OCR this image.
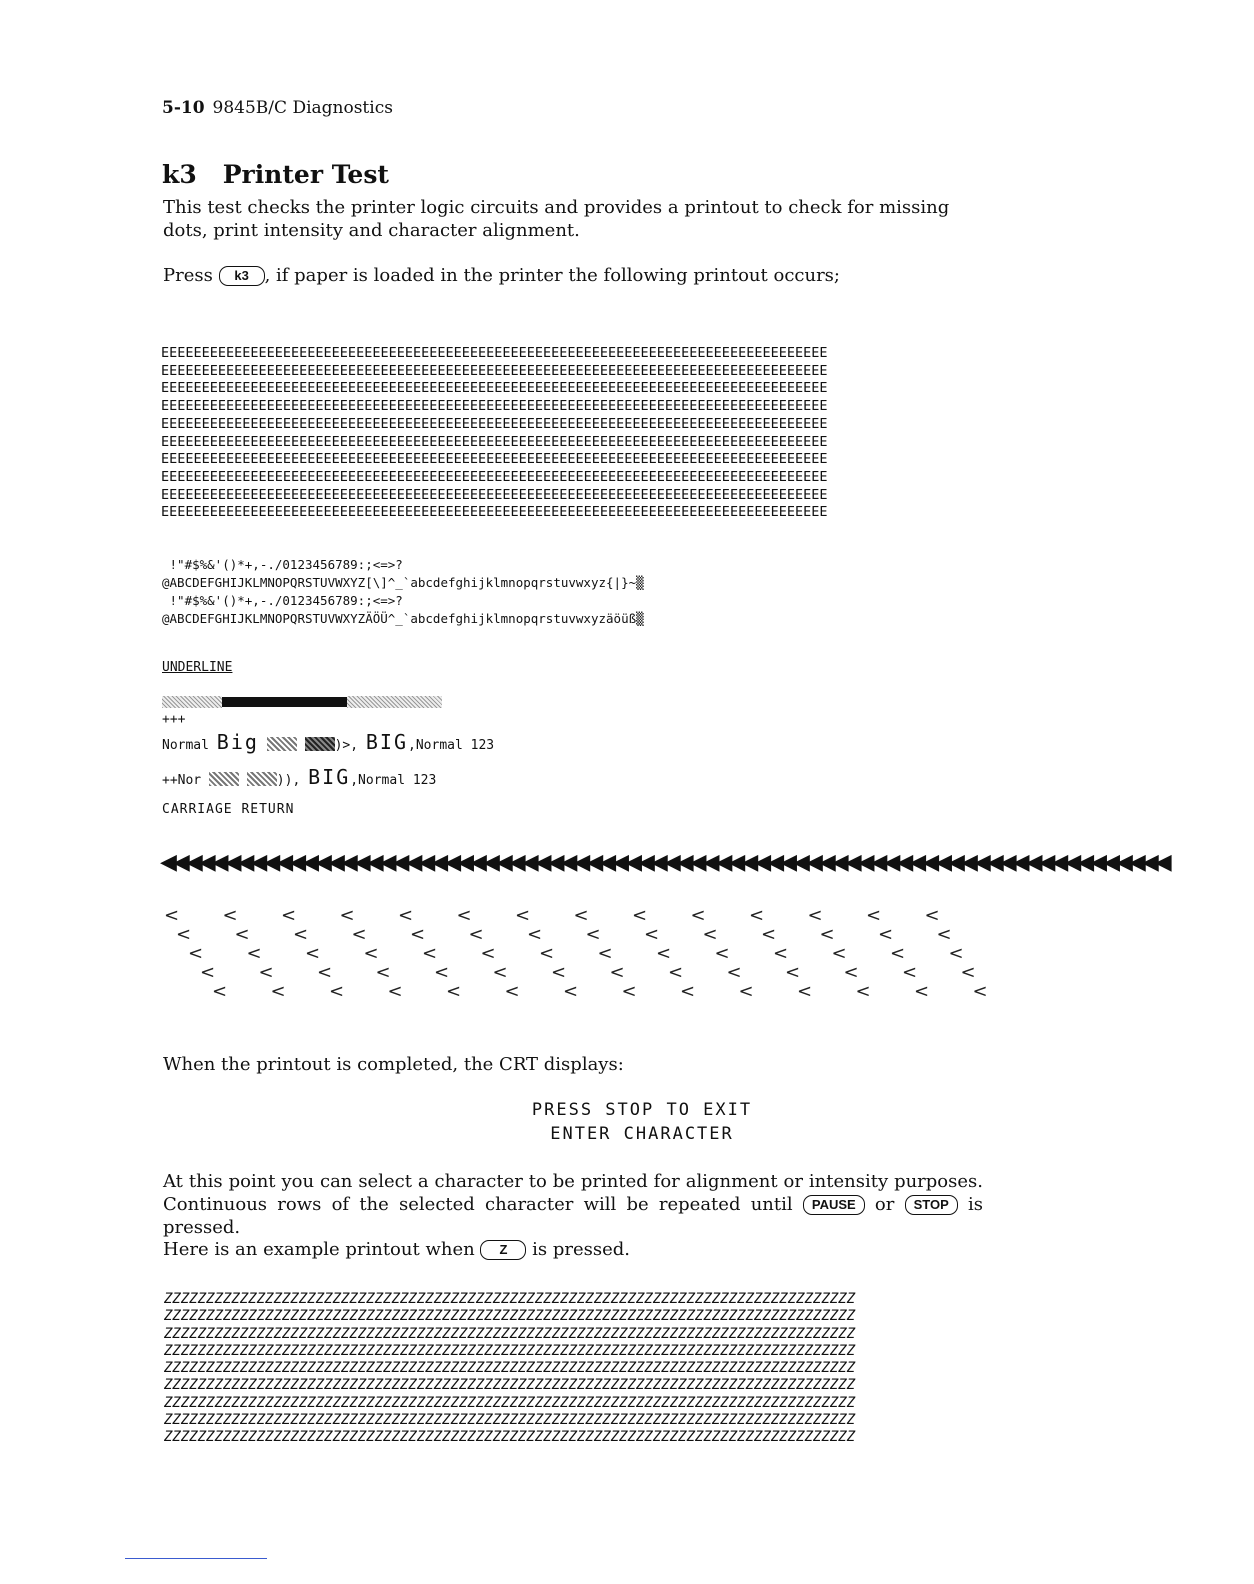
5-10 9845B/C Diagnostics
k3 Printer Test
This test checks the printer logic circuits and provides a printout to check for missing dots, print intensity and character alignment.
Press k3 , if paper is loaded in the printer the following printout occurs;
EEEEEEEEEEEEEEEEEEEEEEEEEEEEEEEEEEEEEEEEEEEEEEEEEEEEEEEEEEEEEEEEEEEEEEEEEEEEEEEEEE
EEEEEEEEEEEEEEEEEEEEEEEEEEEEEEEEEEEEEEEEEEEEEEEEEEEEEEEEEEEEEEEEEEEEEEEEEEEEEEEEEE
EEEEEEEEEEEEEEEEEEEEEEEEEEEEEEEEEEEEEEEEEEEEEEEEEEEEEEEEEEEEEEEEEEEEEEEEEEEEEEEEEE
EEEEEEEEEEEEEEEEEEEEEEEEEEEEEEEEEEEEEEEEEEEEEEEEEEEEEEEEEEEEEEEEEEEEEEEEEEEEEEEEEE
EEEEEEEEEEEEEEEEEEEEEEEEEEEEEEEEEEEEEEEEEEEEEEEEEEEEEEEEEEEEEEEEEEEEEEEEEEEEEEEEEE
EEEEEEEEEEEEEEEEEEEEEEEEEEEEEEEEEEEEEEEEEEEEEEEEEEEEEEEEEEEEEEEEEEEEEEEEEEEEEEEEEE
EEEEEEEEEEEEEEEEEEEEEEEEEEEEEEEEEEEEEEEEEEEEEEEEEEEEEEEEEEEEEEEEEEEEEEEEEEEEEEEEEE
EEEEEEEEEEEEEEEEEEEEEEEEEEEEEEEEEEEEEEEEEEEEEEEEEEEEEEEEEEEEEEEEEEEEEEEEEEEEEEEEEE
EEEEEEEEEEEEEEEEEEEEEEEEEEEEEEEEEEEEEEEEEEEEEEEEEEEEEEEEEEEEEEEEEEEEEEEEEEEEEEEEEE
EEEEEEEEEEEEEEEEEEEEEEEEEEEEEEEEEEEEEEEEEEEEEEEEEEEEEEEEEEEEEEEEEEEEEEEEEEEEEEEEEE
!"#$%&'()*+,-./0123456789:;<=>?
@ABCDEFGHIJKLMNOPQRSTUVWXYZ[\]^_`abcdefghijklmnopqrstuvwxyz{|}~▒
!"#$%&'()*+,-./0123456789:;<=>?
@ABCDEFGHIJKLMNOPQRSTUVWXYZÄÖÜ^_`abcdefghijklmnopqrstuvwxyzäöüß▒
UNDERLINE
+++
Normal Big	)>, BIG,Normal 123
++Nor	)), BIG,Normal 123
CARRIAGE RETURN
◀◀◀◀◀◀◀◀◀◀◀◀◀◀◀◀◀◀◀◀◀◀◀◀◀◀◀◀◀◀◀◀◀◀◀◀◀◀◀◀◀◀◀◀◀◀◀◀◀◀◀◀◀◀◀◀◀◀◀◀◀◀◀◀◀◀◀◀◀◀◀◀◀◀◀◀◀◀
<
<
<
<
<
<
<
<
<
<
<
<
<
<
<
<
<
<
<
<
<
<
<
<
<
<
<
<
<
<
<
<
<
<
<
<
<
<
<
<
<
<
<
<
<
<
<
<
<
<
<
<
<
<
<
<
<
<
<
<
<
<
<
<
<
<
<
<
<
<
When the printout is completed, the CRT displays:
PRESS STOP TO EXIT
ENTER CHARACTER
At this point you can select a character to be printed for alignment or intensity purposes. Continuous rows of the selected character will be repeated until PAUSE or STOP is pressed.
Here is an example printout when Z is pressed.
ZZZZZZZZZZZZZZZZZZZZZZZZZZZZZZZZZZZZZZZZZZZZZZZZZZZZZZZZZZZZZZZZZZZZZZZZZZZZZZZZZZ
ZZZZZZZZZZZZZZZZZZZZZZZZZZZZZZZZZZZZZZZZZZZZZZZZZZZZZZZZZZZZZZZZZZZZZZZZZZZZZZZZZZ
ZZZZZZZZZZZZZZZZZZZZZZZZZZZZZZZZZZZZZZZZZZZZZZZZZZZZZZZZZZZZZZZZZZZZZZZZZZZZZZZZZZ
ZZZZZZZZZZZZZZZZZZZZZZZZZZZZZZZZZZZZZZZZZZZZZZZZZZZZZZZZZZZZZZZZZZZZZZZZZZZZZZZZZZ
ZZZZZZZZZZZZZZZZZZZZZZZZZZZZZZZZZZZZZZZZZZZZZZZZZZZZZZZZZZZZZZZZZZZZZZZZZZZZZZZZZZ
ZZZZZZZZZZZZZZZZZZZZZZZZZZZZZZZZZZZZZZZZZZZZZZZZZZZZZZZZZZZZZZZZZZZZZZZZZZZZZZZZZZ
ZZZZZZZZZZZZZZZZZZZZZZZZZZZZZZZZZZZZZZZZZZZZZZZZZZZZZZZZZZZZZZZZZZZZZZZZZZZZZZZZZZ
ZZZZZZZZZZZZZZZZZZZZZZZZZZZZZZZZZZZZZZZZZZZZZZZZZZZZZZZZZZZZZZZZZZZZZZZZZZZZZZZZZZ
ZZZZZZZZZZZZZZZZZZZZZZZZZZZZZZZZZZZZZZZZZZZZZZZZZZZZZZZZZZZZZZZZZZZZZZZZZZZZZZZZZZ
